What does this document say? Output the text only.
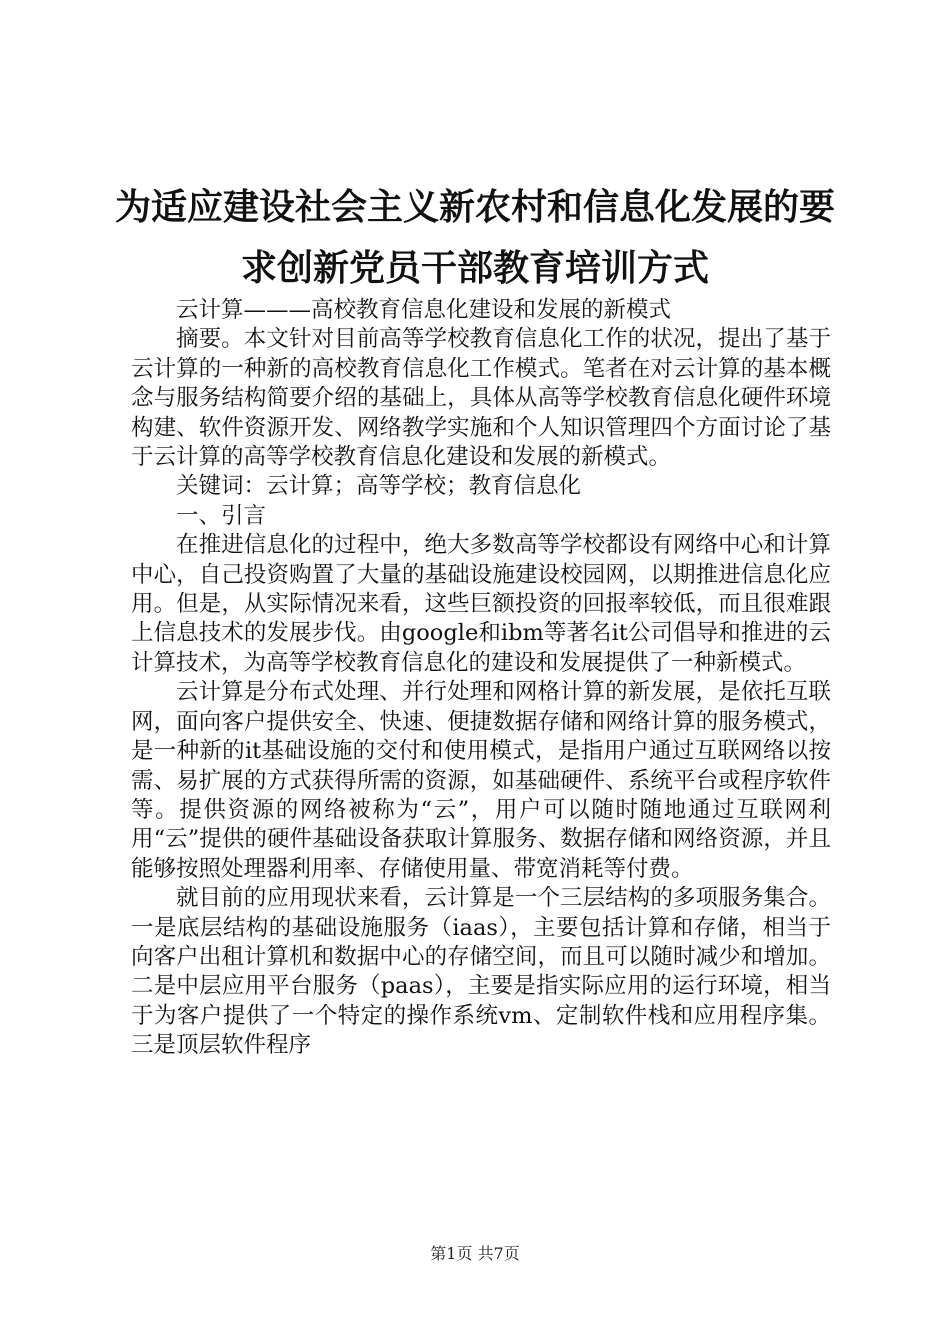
为适应建设社会主义新农村和信息化发展的要
求创新党员干部教育培训方式

云计算———高校教育信息化建设和发展的新模式

摘要。本文针对目前高等学校教育信息化工作的状况，提出了基于云计算的一种新的高校教育信息化工作模式。笔者在对云计算的基本概念与服务结构简要介绍的基础上，具体从高等学校教育信息化硬件环境构建、软件资源开发、网络教学实施和个人知识管理四个方面讨论了基于云计算的高等学校教育信息化建设和发展的新模式。

关键词：云计算；高等学校；教育信息化

一、引言

在推进信息化的过程中，绝大多数高等学校都设有网络中心和计算中心，自己投资购置了大量的基础设施建设校园网，以期推进信息化应用。但是，从实际情况来看，这些巨额投资的回报率较低，而且很难跟上信息技术的发展步伐。由google和ibm等著名it公司倡导和推进的云计算技术，为高等学校教育信息化的建设和发展提供了一种新模式。

云计算是分布式处理、并行处理和网格计算的新发展，是依托互联网，面向客户提供安全、快速、便捷数据存储和网络计算的服务模式，是一种新的it基础设施的交付和使用模式，是指用户通过互联网络以按需、易扩展的方式获得所需的资源，如基础硬件、系统平台或程序软件等。提供资源的网络被称为“云”，用户可以随时随地通过互联网利用“云”提供的硬件基础设备获取计算服务、数据存储和网络资源，并且能够按照处理器利用率、存储使用量、带宽消耗等付费。

就目前的应用现状来看，云计算是一个三层结构的多项服务集合。一是底层结构的基础设施服务（iaas），主要包括计算和存储，相当于向客户出租计算机和数据中心的存储空间，而且可以随时减少和增加。二是中层应用平台服务（paas），主要是指实际应用的运行环境，相当于为客户提供了一个特定的操作系统vm、定制软件栈和应用程序集。三是顶层软件程序

第1页 共7页
